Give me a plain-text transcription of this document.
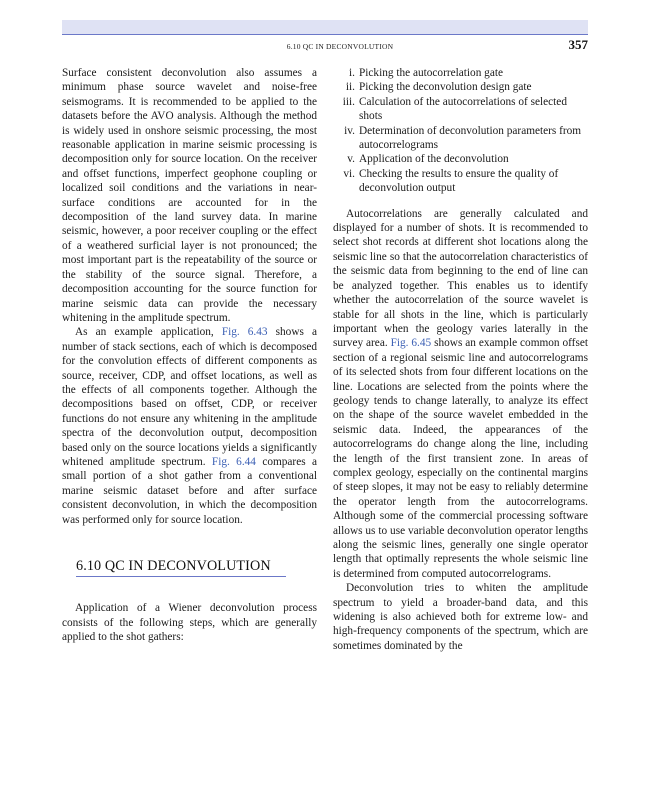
6.10 QC IN DECONVOLUTION	357

Surface consistent deconvolution also assumes a minimum phase source wavelet and noise-free seismograms. It is recommended to be applied to the datasets before the AVO analysis. Although the method is widely used in onshore seismic processing, the most reasonable application in marine seismic processing is decomposition only for source location. On the receiver and offset functions, imperfect geophone coupling or localized soil conditions and the variations in near-surface conditions are accounted for in the decomposition of the land survey data. In marine seismic, however, a poor receiver coupling or the effect of a weathered surficial layer is not pronounced; the most important part is the repeatability of the source or the stability of the source signal. Therefore, a decomposition accounting for the source function for marine seismic data can provide the necessary whitening in the amplitude spectrum.

As an example application, Fig. 6.43 shows a number of stack sections, each of which is decomposed for the convolution effects of different components as source, receiver, CDP, and offset locations, as well as the effects of all components together. Although the decompositions based on offset, CDP, or receiver functions do not ensure any whitening in the amplitude spectra of the deconvolution output, decomposition based only on the source locations yields a significantly whitened amplitude spectrum. Fig. 6.44 compares a small portion of a shot gather from a conventional marine seismic dataset before and after surface consistent deconvolution, in which the decomposition was performed only for source location.

6.10 QC IN DECONVOLUTION

Application of a Wiener deconvolution process consists of the following steps, which are generally applied to the shot gathers:

i. Picking the autocorrelation gate
ii. Picking the deconvolution design gate
iii. Calculation of the autocorrelations of selected shots
iv. Determination of deconvolution parameters from autocorrelograms
v. Application of the deconvolution
vi. Checking the results to ensure the quality of deconvolution output

Autocorrelations are generally calculated and displayed for a number of shots. It is recommended to select shot records at different shot locations along the seismic line so that the autocorrelation characteristics of the seismic data from beginning to the end of line can be analyzed together. This enables us to identify whether the autocorrelation of the source wavelet is stable for all shots in the line, which is particularly important when the geology varies laterally in the survey area. Fig. 6.45 shows an example common offset section of a regional seismic line and autocorrelograms of its selected shots from four different locations on the line. Locations are selected from the points where the geology tends to change laterally, to analyze its effect on the shape of the source wavelet embedded in the seismic data. Indeed, the appearances of the autocorrelograms do change along the line, including the length of the first transient zone. In areas of complex geology, especially on the continental margins of steep slopes, it may not be easy to reliably determine the operator length from the autocorrelograms. Although some of the commercial processing software allows us to use variable deconvolution operator lengths along the seismic lines, generally one single operator length that optimally represents the whole seismic line is determined from computed autocorrelograms.

Deconvolution tries to whiten the amplitude spectrum to yield a broader-band data, and this widening is also achieved both for extreme low- and high-frequency components of the spectrum, which are sometimes dominated by the
